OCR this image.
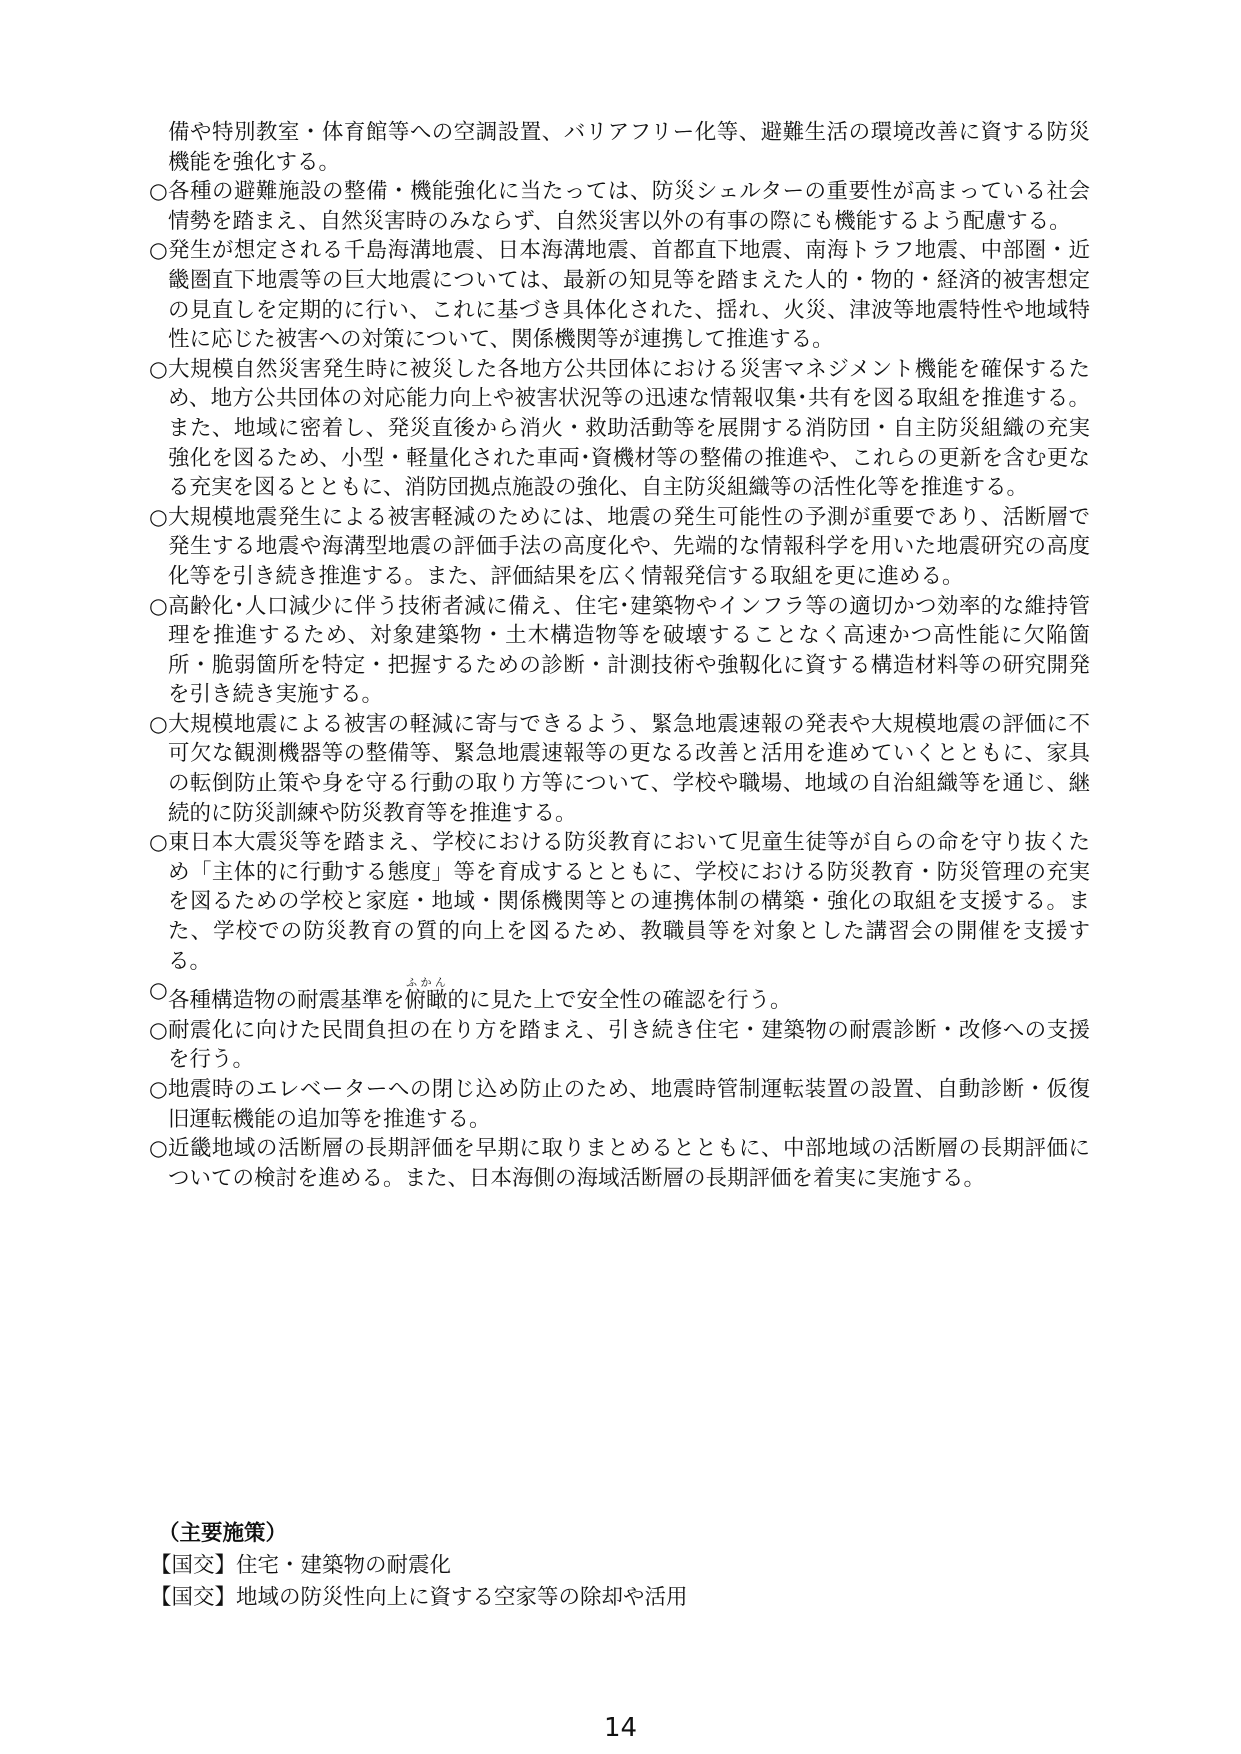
備や特別教室・体育館等への空調設置、バリアフリー化等、避難生活の環境改善に資する防災機能を強化する。
○ 各種の避難施設の整備・機能強化に当たっては、防災シェルターの重要性が高まっている社会情勢を踏まえ、自然災害時のみならず、自然災害以外の有事の際にも機能するよう配慮する。
○ 発生が想定される千島海溝地震、日本海溝地震、首都直下地震、南海トラフ地震、中部圏・近畿圏直下地震等の巨大地震については、最新の知見等を踏まえた人的・物的・経済的被害想定の見直しを定期的に行い、これに基づき具体化された、揺れ、火災、津波等地震特性や地域特性に応じた被害への対策について、関係機関等が連携して推進する。
○ 大規模自然災害発生時に被災した各地方公共団体における災害マネジメント機能を確保するため、地方公共団体の対応能力向上や被害状況等の迅速な情報収集･共有を図る取組を推進する。また、地域に密着し、発災直後から消火・救助活動等を展開する消防団・自主防災組織の充実強化を図るため、小型・軽量化された車両･資機材等の整備の推進や、これらの更新を含む更なる充実を図るとともに、消防団拠点施設の強化、自主防災組織等の活性化等を推進する。
○ 大規模地震発生による被害軽減のためには、地震の発生可能性の予測が重要であり、活断層で発生する地震や海溝型地震の評価手法の高度化や、先端的な情報科学を用いた地震研究の高度化等を引き続き推進する。また、評価結果を広く情報発信する取組を更に進める。
○ 高齢化･人口減少に伴う技術者減に備え、住宅･建築物やインフラ等の適切かつ効率的な維持管理を推進するため、対象建築物・土木構造物等を破壊することなく高速かつ高性能に欠陥箇所・脆弱箇所を特定・把握するための診断・計測技術や強靱化に資する構造材料等の研究開発を引き続き実施する。
○ 大規模地震による被害の軽減に寄与できるよう、緊急地震速報の発表や大規模地震の評価に不可欠な観測機器等の整備等、緊急地震速報等の更なる改善と活用を進めていくとともに、家具の転倒防止策や身を守る行動の取り方等について、学校や職場、地域の自治組織等を通じ、継続的に防災訓練や防災教育等を推進する。
○ 東日本大震災等を踏まえ、学校における防災教育において児童生徒等が自らの命を守り抜くため「主体的に行動する態度」等を育成するとともに、学校における防災教育・防災管理の充実を図るための学校と家庭・地域・関係機関等との連携体制の構築・強化の取組を支援する。また、学校での防災教育の質的向上を図るため、教職員等を対象とした講習会の開催を支援する。
○ 各種構造物の耐震基準を俯瞰ふかん的に見た上で安全性の確認を行う。
○ 耐震化に向けた民間負担の在り方を踏まえ、引き続き住宅・建築物の耐震診断・改修への支援を行う。
○ 地震時のエレベーターへの閉じ込め防止のため、地震時管制運転装置の設置、自動診断・仮復旧運転機能の追加等を推進する。
○ 近畿地域の活断層の長期評価を早期に取りまとめるとともに、中部地域の活断層の長期評価についての検討を進める。また、日本海側の海域活断層の長期評価を着実に実施する。
（主要施策）
【国交】住宅・建築物の耐震化
【国交】地域の防災性向上に資する空家等の除却や活用
14
